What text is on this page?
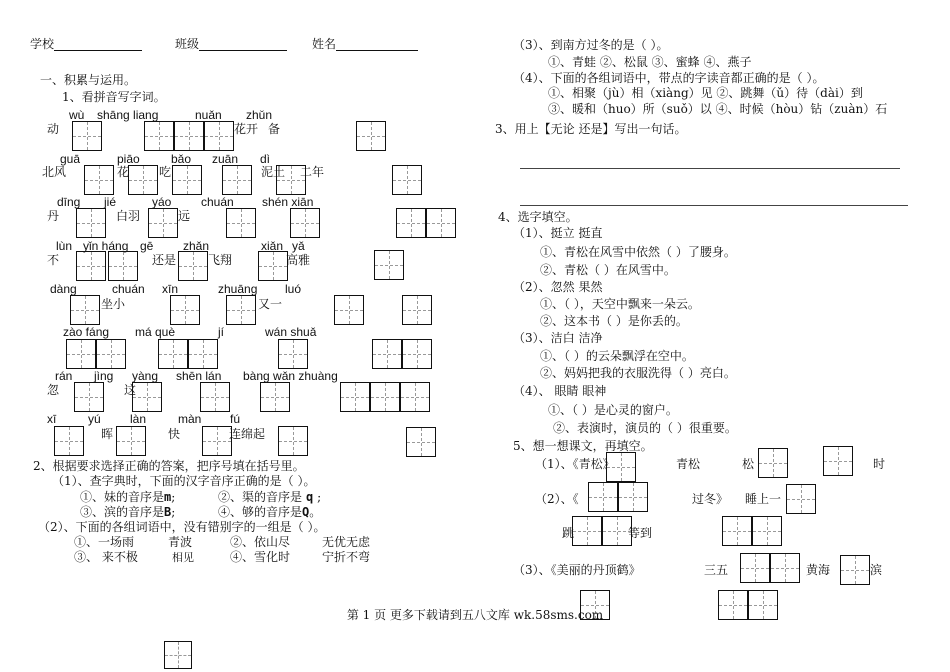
学校	班级	姓名
一、积累与运用。
1、看拼音写字词。
wù shāng liang	nuǎn zhǔn
动	花开 备
guā	piāo	bǎo zuān dì
北风	花 吃	泥土 二年
dīng jié	yáo chuán shén xiān
丹	白羽	远
lùn yǐn háng gē zhǎn	xiǎn yǎ
不	还是	飞翔	高雅
dàng	chuán xīn	zhuāng luó
坐小	又一
zào fáng má què	jí	wán shuǎ
rán jìng yàng shēn lán bàng wǎn zhuàng
忽	这
xī	yú làn	màn fú
晖	快	连绵起
2、根据要求选择正确的答案，把序号填在括号里。
（1）、查字典时，下面的汉字音序正确的是（ ）。
①、妹的音序是m;	②、渠的音序是 q ;
③、滨的音序是B;	④、够的音序是Q。
（2）、下面的各组词语中，没有错别字的一组是（ ）。
①、一场雨	青波	②、依山尽	无优无虑
③、 来不极	相见	④、雪化时	宁折不弯
（3）、到南方过冬的是（ ）。
①、青蛙 ②、松鼠 ③、蜜蜂 ④、燕子
（4）、下面的各组词语中，带点的字读音都正确的是（ ）。
①、相聚（jù）相（xiàng）见 ②、跳舞（ǔ）待（dài）到
③、暖和（huo）所（suǒ）以 ④、时候（hòu）钻（zuàn）石
3、用上【无论 还是】写出一句话。
4、选字填空。
（1）、挺立 挺直
①、青松在风雪中依然（ ）了腰身。
②、青松（ ）在风雪中。
（2）、忽然 果然
①、（ ），天空中飘来一朵云。
②、这本书（ ）是你丢的。
（3）、洁白 洁净
①、（ ）的云朵飘浮在空中。
②、妈妈把我的衣服洗得（ ）亮白。
（4）、 眼睛 眼神
①、（ ）是心灵的窗户。
②、表演时，演员的（ ）很重要。
5、想一想课文，再填空。
（1）、《青松》	青松	松	时
（2）、《	过冬》 睡上一
跳	等到
（3）、《美丽的丹顶鹤》	三五	黄海	滨
第 1 页 更多下载请到五八文库 wk.58sms.com
